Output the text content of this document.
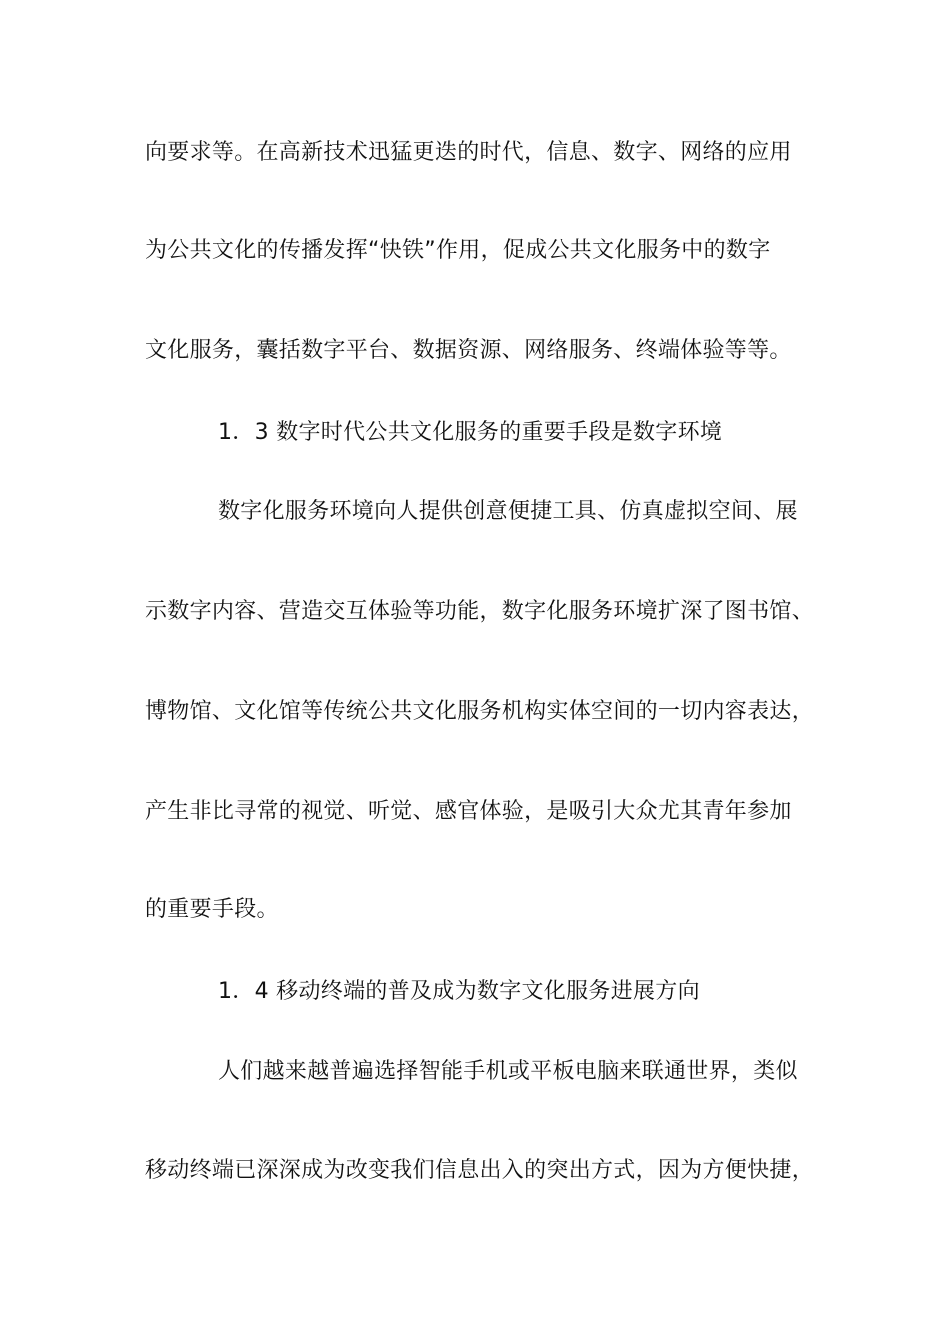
向要求等。在高新技术迅猛更迭的时代，信息、数字、网络的应用
为公共文化的传播发挥“快铁”作用，促成公共文化服务中的数字
文化服务，囊括数字平台、数据资源、网络服务、终端体验等等。
1．3 数字时代公共文化服务的重要手段是数字环境
数字化服务环境向人提供创意便捷工具、仿真虚拟空间、展
示数字内容、营造交互体验等功能，数字化服务环境扩深了图书馆、
博物馆、文化馆等传统公共文化服务机构实体空间的一切内容表达，
产生非比寻常的视觉、听觉、感官体验，是吸引大众尤其青年参加
的重要手段。
1．4 移动终端的普及成为数字文化服务进展方向
人们越来越普遍选择智能手机或平板电脑来联通世界，类似
移动终端已深深成为改变我们信息出入的突出方式，因为方便快捷，
